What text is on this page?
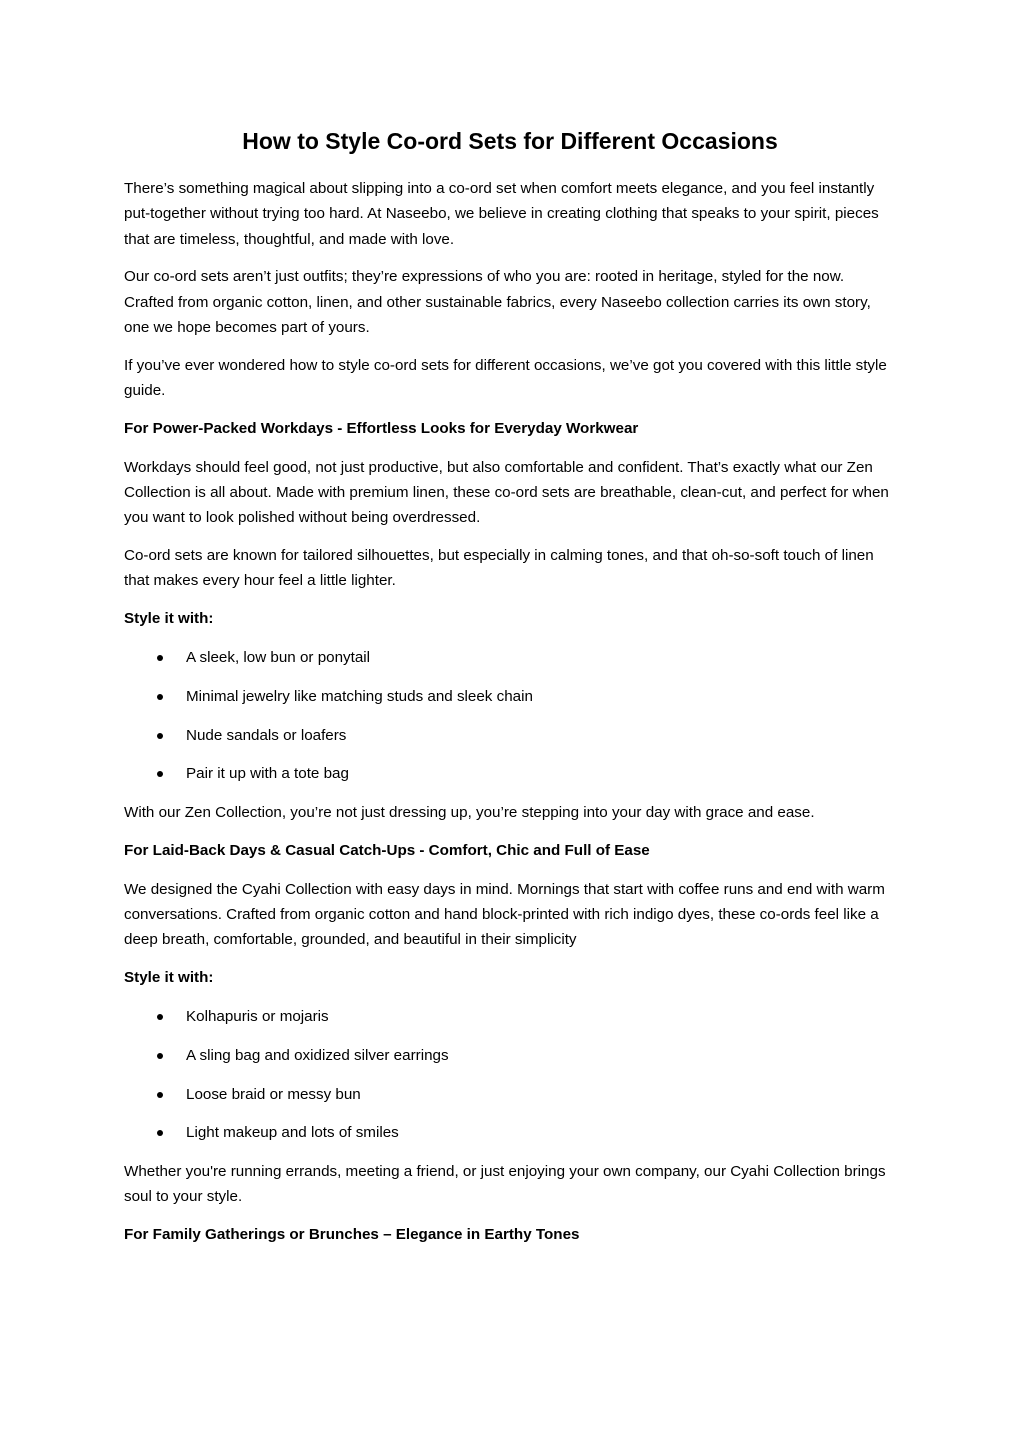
How to Style Co-ord Sets for Different Occasions

There’s something magical about slipping into a co-ord set when comfort meets elegance, and you feel instantly put-together without trying too hard. At Naseebo, we believe in creating clothing that speaks to your spirit, pieces that are timeless, thoughtful, and made with love.

Our co-ord sets aren’t just outfits; they’re expressions of who you are: rooted in heritage, styled for the now. Crafted from organic cotton, linen, and other sustainable fabrics, every Naseebo collection carries its own story, one we hope becomes part of yours.

If you’ve ever wondered how to style co-ord sets for different occasions, we’ve got you covered with this little style guide.

For Power-Packed Workdays - Effortless Looks for Everyday Workwear

Workdays should feel good, not just productive, but also comfortable and confident. That’s exactly what our Zen Collection is all about. Made with premium linen, these co-ord sets are breathable, clean-cut, and perfect for when you want to look polished without being overdressed.

Co-ord sets are known for tailored silhouettes, but especially in calming tones, and that oh-so-soft touch of linen that makes every hour feel a little lighter.

Style it with:

A sleek, low bun or ponytail
Minimal jewelry like matching studs and sleek chain
Nude sandals or loafers
Pair it up with a tote bag

With our Zen Collection, you’re not just dressing up, you’re stepping into your day with grace and ease.

For Laid-Back Days & Casual Catch-Ups - Comfort, Chic and Full of Ease

We designed the Cyahi Collection with easy days in mind. Mornings that start with coffee runs and end with warm conversations. Crafted from organic cotton and hand block-printed with rich indigo dyes, these co-ords feel like a deep breath, comfortable, grounded, and beautiful in their simplicity

Style it with:

Kolhapuris or mojaris
A sling bag and oxidized silver earrings
Loose braid or messy bun
Light makeup and lots of smiles

Whether you're running errands, meeting a friend, or just enjoying your own company, our Cyahi Collection brings soul to your style.

For Family Gatherings or Brunches – Elegance in Earthy Tones
